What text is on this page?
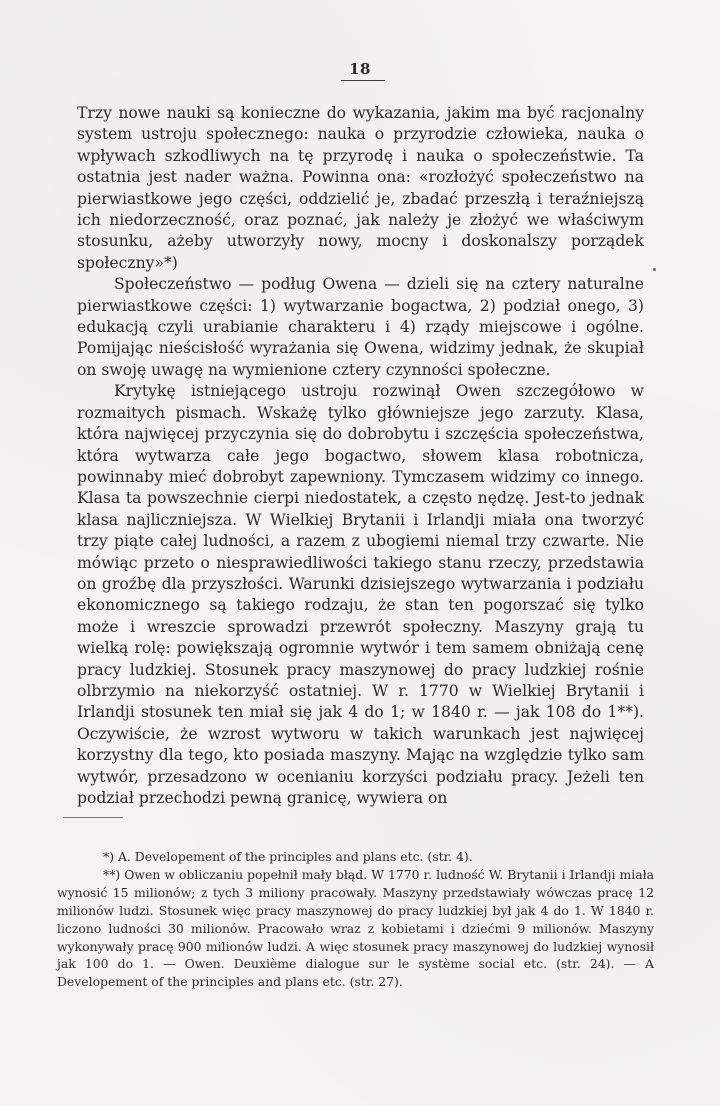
18

Trzy nowe nauki są konieczne do wykazania, jakim ma być racjonalny system ustroju społecznego: nauka o przyrodzie człowieka, nauka o wpływach szkodliwych na tę przyrodę i nauka o społeczeństwie. Ta ostatnia jest nader ważna. Powinna ona: «rozłożyć społeczeństwo na pierwiastkowe jego części, oddzielić je, zbadać przeszłą i teraźniejszą ich niedorzeczność, oraz poznać, jak należy je złożyć we właściwym stosunku, ażeby utworzyły nowy, mocny i doskonalszy porządek społeczny»*)

Społeczeństwo — podług Owena — dzieli się na cztery naturalne pierwiastkowe części: 1) wytwarzanie bogactwa, 2) podział onego, 3) edukacją czyli urabianie charakteru i 4) rządy miejscowe i ogólne. Pomijając nieścisłość wyrażania się Owena, widzimy jednak, że skupiał on swoję uwagę na wymienione cztery czynności społeczne.

Krytykę istniejącego ustroju rozwinął Owen szczegółowo w rozmaitych pismach. Wskażę tylko główniejsze jego zarzuty. Klasa, która najwięcej przyczynia się do dobrobytu i szczęścia społeczeństwa, która wytwarza całe jego bogactwo, słowem klasa robotnicza, powinnaby mieć dobrobyt zapewniony. Tymczasem widzimy co innego. Klasa ta powszechnie cierpi niedostatek, a często nędzę. Jest-to jednak klasa najliczniejsza. W Wielkiej Brytanii i Irlandji miała ona tworzyć trzy piąte całej ludności, a razem z ubogiemi niemal trzy czwarte. Nie mówiąc przeto o niesprawiedliwości takiego stanu rzeczy, przedstawia on groźbę dla przyszłości. Warunki dzisiejszego wytwarzania i podziału ekonomicznego są takiego rodzaju, że stan ten pogorszać się tylko może i wreszcie sprowadzi przewrót społeczny. Maszyny grają tu wielką rolę: powiększają ogromnie wytwór i tem samem obniżają cenę pracy ludzkiej. Stosunek pracy maszynowej do pracy ludzkiej rośnie olbrzymio na niekorzyść ostatniej. W r. 1770 w Wielkiej Brytanii i Irlandji stosunek ten miał się jak 4 do 1; w 1840 r. — jak 108 do 1**). Oczywiście, że wzrost wytworu w takich warunkach jest najwięcej korzystny dla tego, kto posiada maszyny. Mając na względzie tylko sam wytwór, przesadzono w ocenianiu korzyści podziału pracy. Jeżeli ten podział przechodzi pewną granicę, wywiera on

*) A. Developement of the principles and plans etc. (str. 4).

**) Owen w obliczaniu popełnił mały błąd. W 1770 r. ludność W. Brytanii i Irlandji miała wynosić 15 milionów; z tych 3 miliony pracowały. Maszyny przedstawiały wówczas pracę 12 milionów ludzi. Stosunek więc pracy maszynowej do pracy ludzkiej był jak 4 do 1. W 1840 r. liczono ludności 30 milionów. Pracowało wraz z kobietami i dziećmi 9 milionów. Maszyny wykonywały pracę 900 milionów ludzi. A więc stosunek pracy maszynowej do ludzkiej wynosił jak 100 do 1. — Owen. Deuxième dialogue sur le système social etc. (str. 24). — A Developement of the principles and plans etc. (str. 27).
